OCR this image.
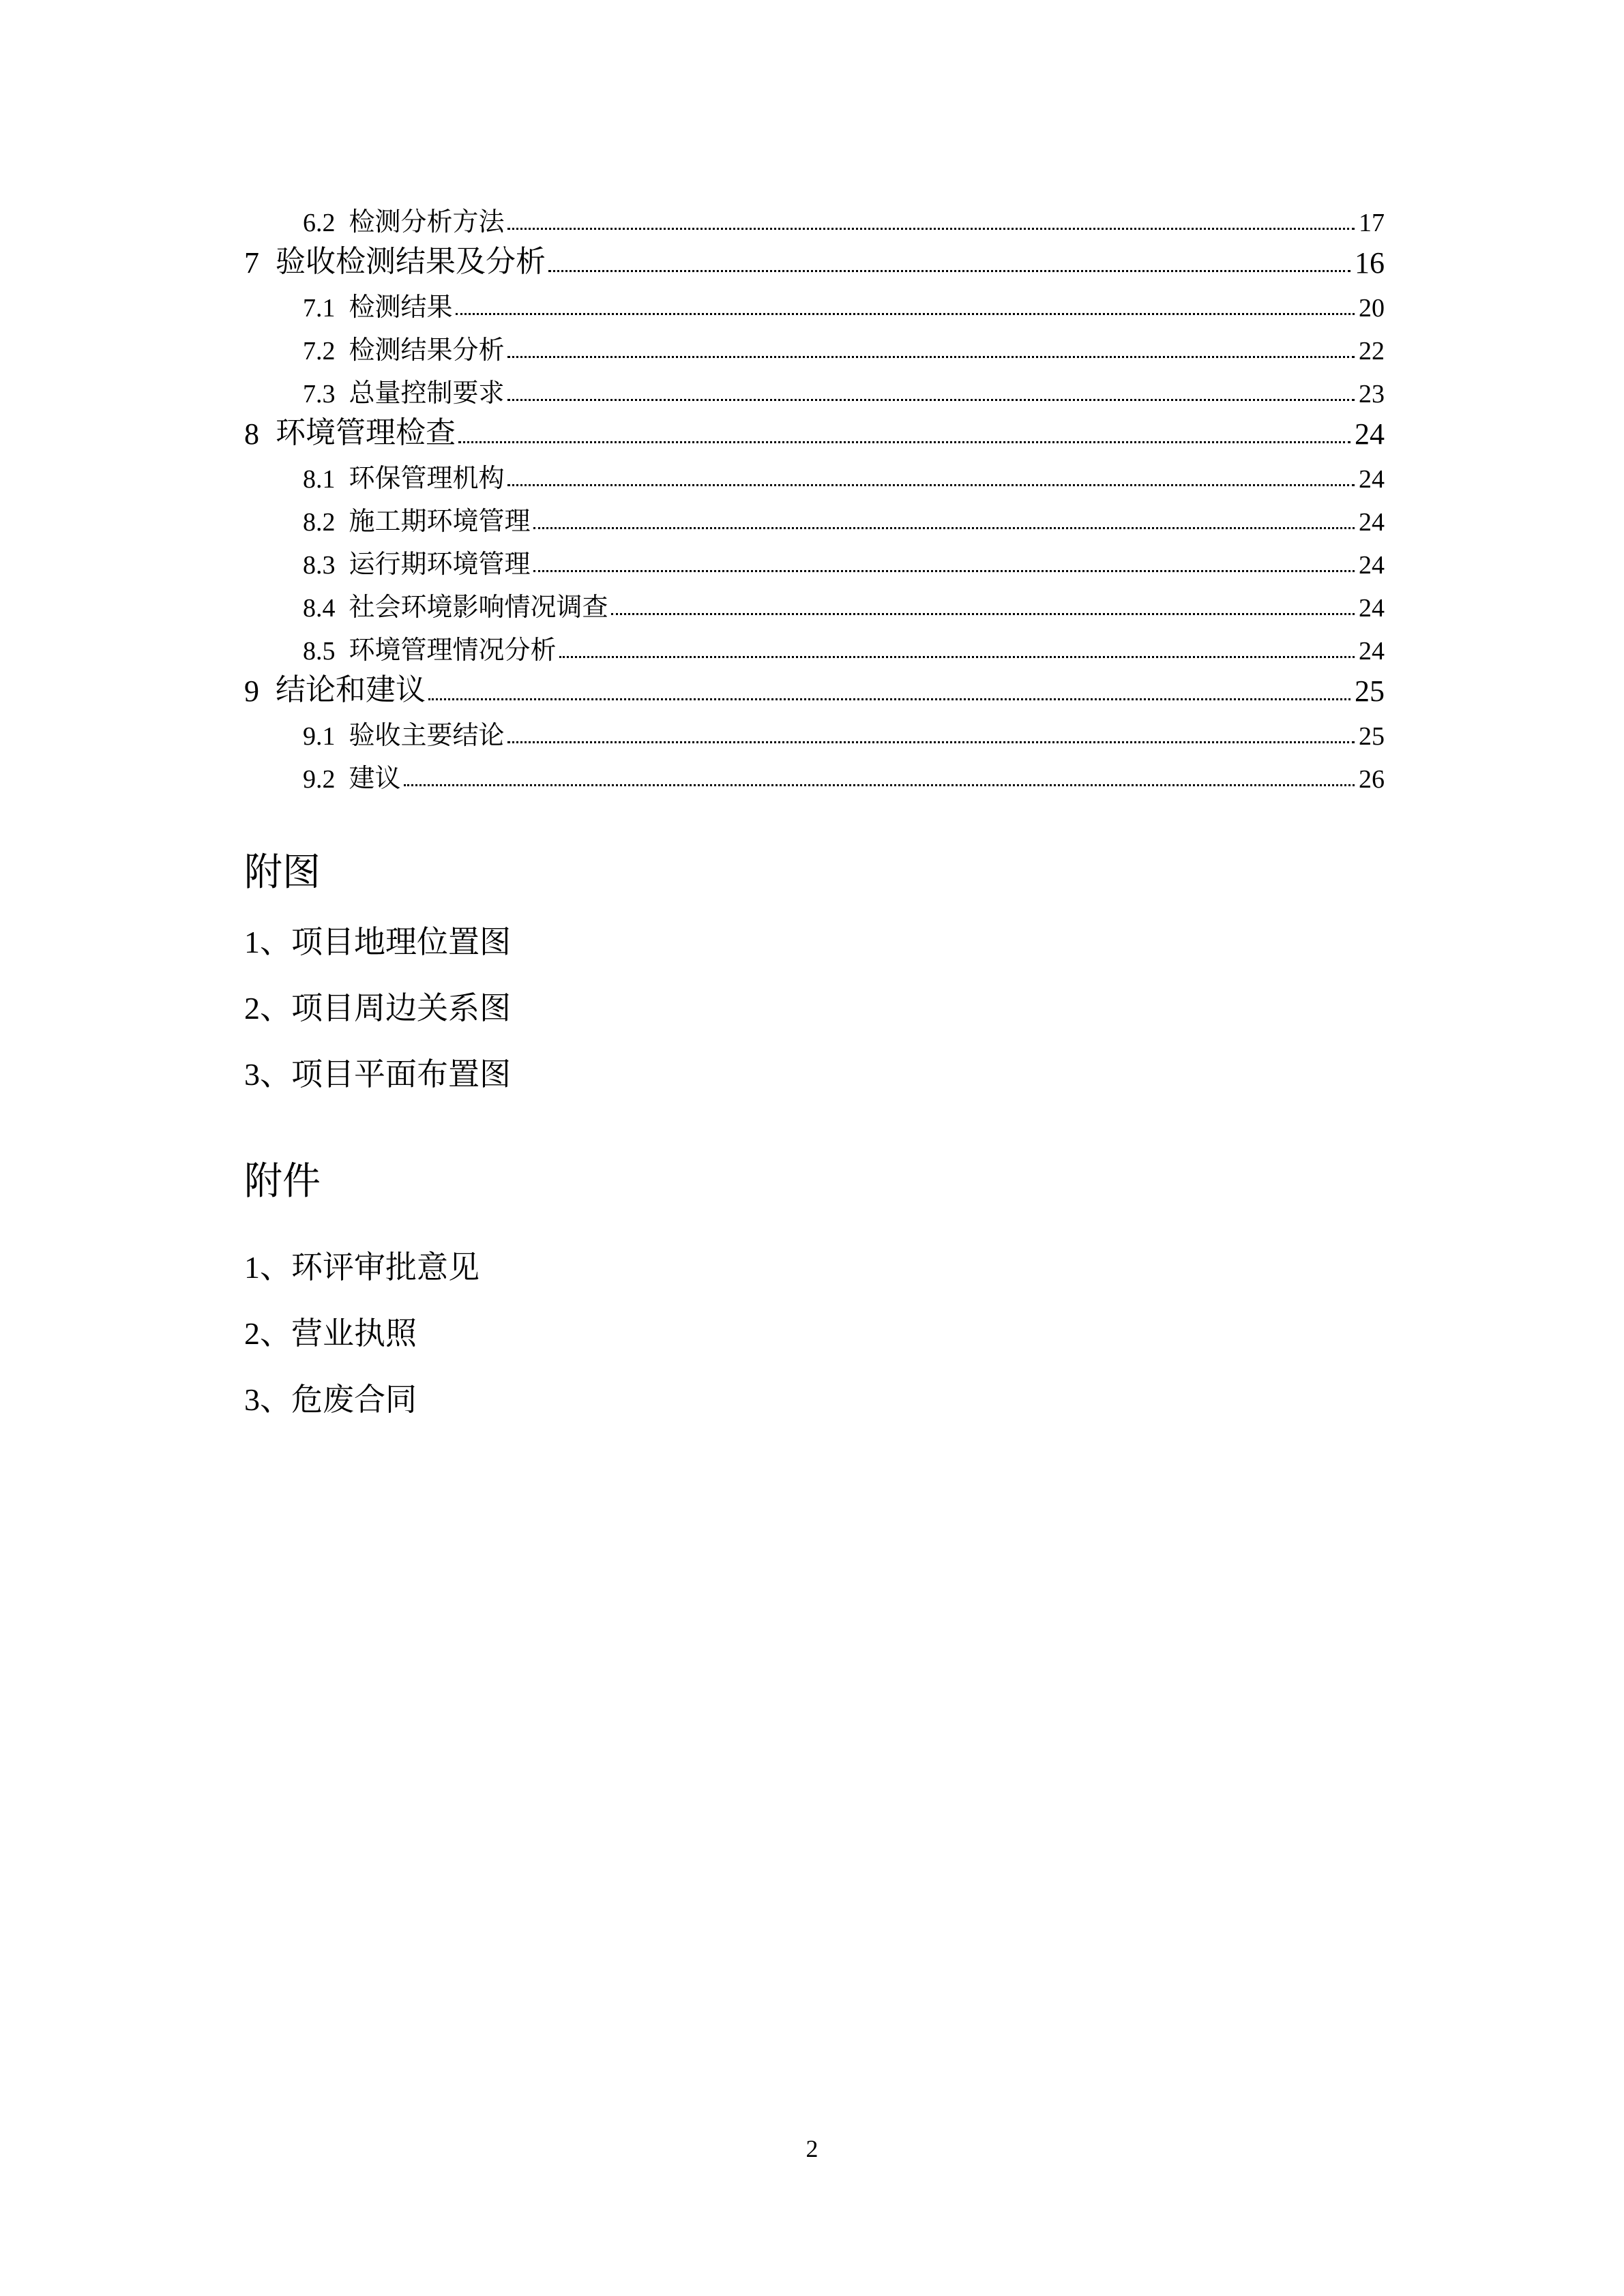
6.2 检测分析方法	17
7 验收检测结果及分析	16
7.1 检测结果	20
7.2 检测结果分析	22
7.3 总量控制要求	23
8 环境管理检查	24
8.1 环保管理机构	24
8.2 施工期环境管理	24
8.3 运行期环境管理	24
8.4 社会环境影响情况调查	24
8.5 环境管理情况分析	24
9 结论和建议	25
9.1 验收主要结论	25
9.2 建议	26
附图
1、项目地理位置图
2、项目周边关系图
3、项目平面布置图
附件
1、环评审批意见
2、营业执照
3、危废合同
2
